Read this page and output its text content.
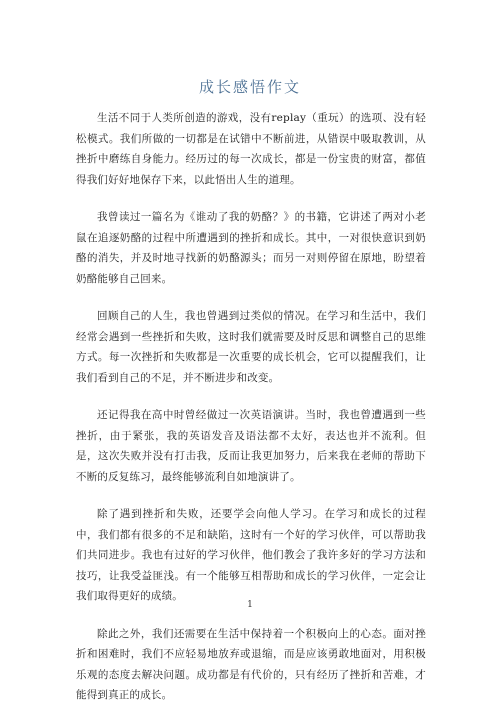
成长感悟作文

生活不同于人类所创造的游戏，没有replay（重玩）的选项、没有轻松模式。我们所做的一切都是在试错中不断前进，从错误中吸取教训，从挫折中磨练自身能力。经历过的每一次成长，都是一份宝贵的财富，都值得我们好好地保存下来，以此悟出人生的道理。

我曾读过一篇名为《谁动了我的奶酪？》的书籍，它讲述了两对小老鼠在追逐奶酪的过程中所遭遇到的挫折和成长。其中，一对很快意识到奶酪的消失，并及时地寻找新的奶酪源头；而另一对则停留在原地，盼望着奶酪能够自己回来。

回顾自己的人生，我也曾遇到过类似的情况。在学习和生活中，我们经常会遇到一些挫折和失败，这时我们就需要及时反思和调整自己的思维方式。每一次挫折和失败都是一次重要的成长机会，它可以提醒我们，让我们看到自己的不足，并不断进步和改变。

还记得我在高中时曾经做过一次英语演讲。当时，我也曾遭遇到一些挫折，由于紧张，我的英语发音及语法都不太好，表达也并不流利。但是，这次失败并没有打击我，反而让我更加努力，后来我在老师的帮助下不断的反复练习，最终能够流利自如地演讲了。

除了遇到挫折和失败，还要学会向他人学习。在学习和成长的过程中，我们都有很多的不足和缺陷，这时有一个好的学习伙伴，可以帮助我们共同进步。我也有过好的学习伙伴，他们教会了我许多好的学习方法和技巧，让我受益匪浅。有一个能够互相帮助和成长的学习伙伴，一定会让我们取得更好的成绩。

除此之外，我们还需要在生活中保持着一个积极向上的心态。面对挫折和困难时，我们不应轻易地放弃或退缩，而是应该勇敢地面对，用积极乐观的态度去解决问题。成功都是有代价的，只有经历了挫折和苦难，才能得到真正的成长。

1
